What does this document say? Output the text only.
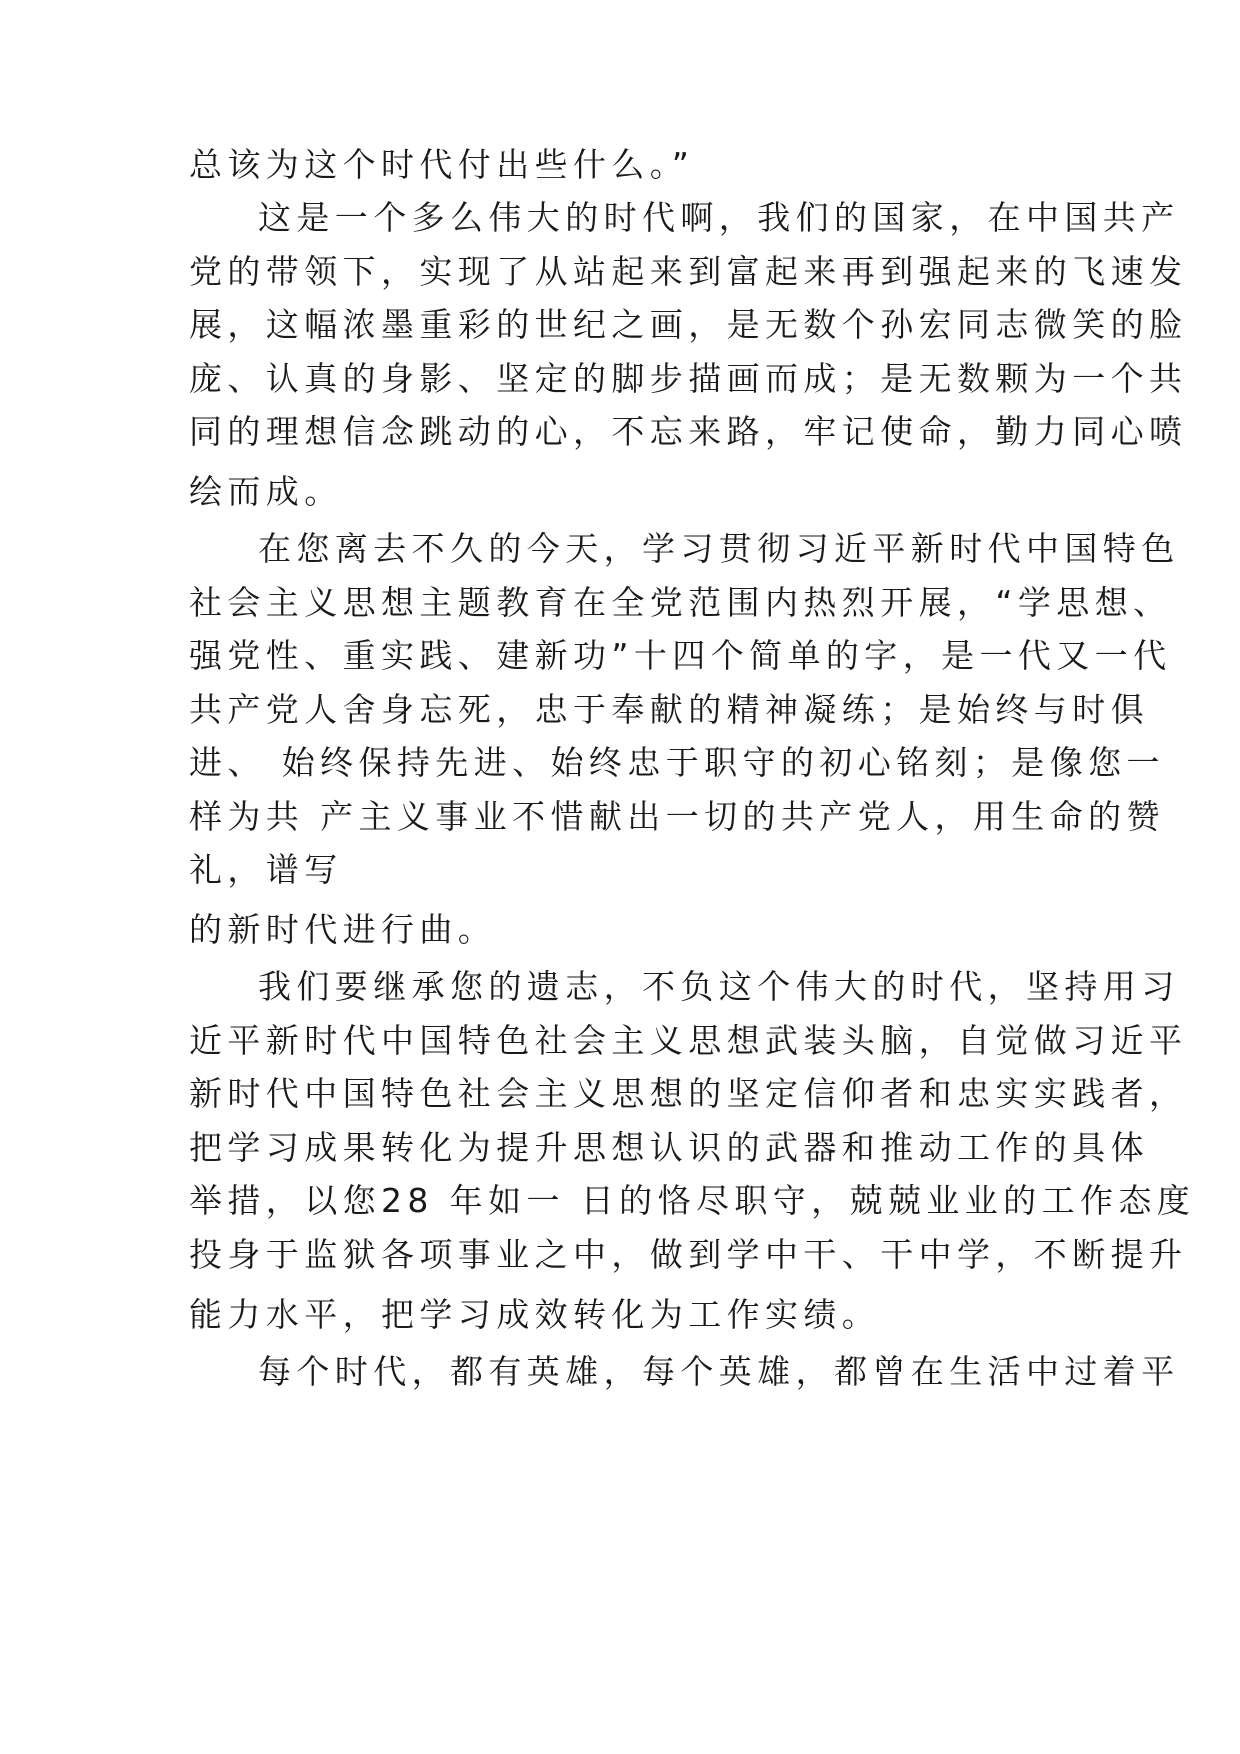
总该为这个时代付出些什么。”
这是一个多么伟大的时代啊，我们的国家，在中国共产
党的带领下，实现了从站起来到富起来再到强起来的飞速发
展，这幅浓墨重彩的世纪之画，是无数个孙宏同志微笑的脸
庞、认真的身影、坚定的脚步描画而成；是无数颗为一个共
同的理想信念跳动的心，不忘来路，牢记使命，勤力同心喷
绘而成。
在您离去不久的今天，学习贯彻习近平新时代中国特色
社会主义思想主题教育在全党范围内热烈开展，“学思想、
强党性、重实践、建新功”十四个简单的字，是一代又一代
共产党人舍身忘死，忠于奉献的精神凝练；是始终与时俱
进、 始终保持先进、始终忠于职守的初心铭刻；是像您一
样为共 产主义事业不惜献出一切的共产党人，用生命的赞
礼，谱写
的新时代进行曲。
我们要继承您的遗志，不负这个伟大的时代，坚持用习
近平新时代中国特色社会主义思想武装头脑，自觉做习近平
新时代中国特色社会主义思想的坚定信仰者和忠实实践者，
把学习成果转化为提升思想认识的武器和推动工作的具体
举措，以您28 年如一 日的恪尽职守，兢兢业业的工作态度
投身于监狱各项事业之中，做到学中干、干中学，不断提升
能力水平，把学习成效转化为工作实绩。
每个时代，都有英雄，每个英雄，都曾在生活中过着平
